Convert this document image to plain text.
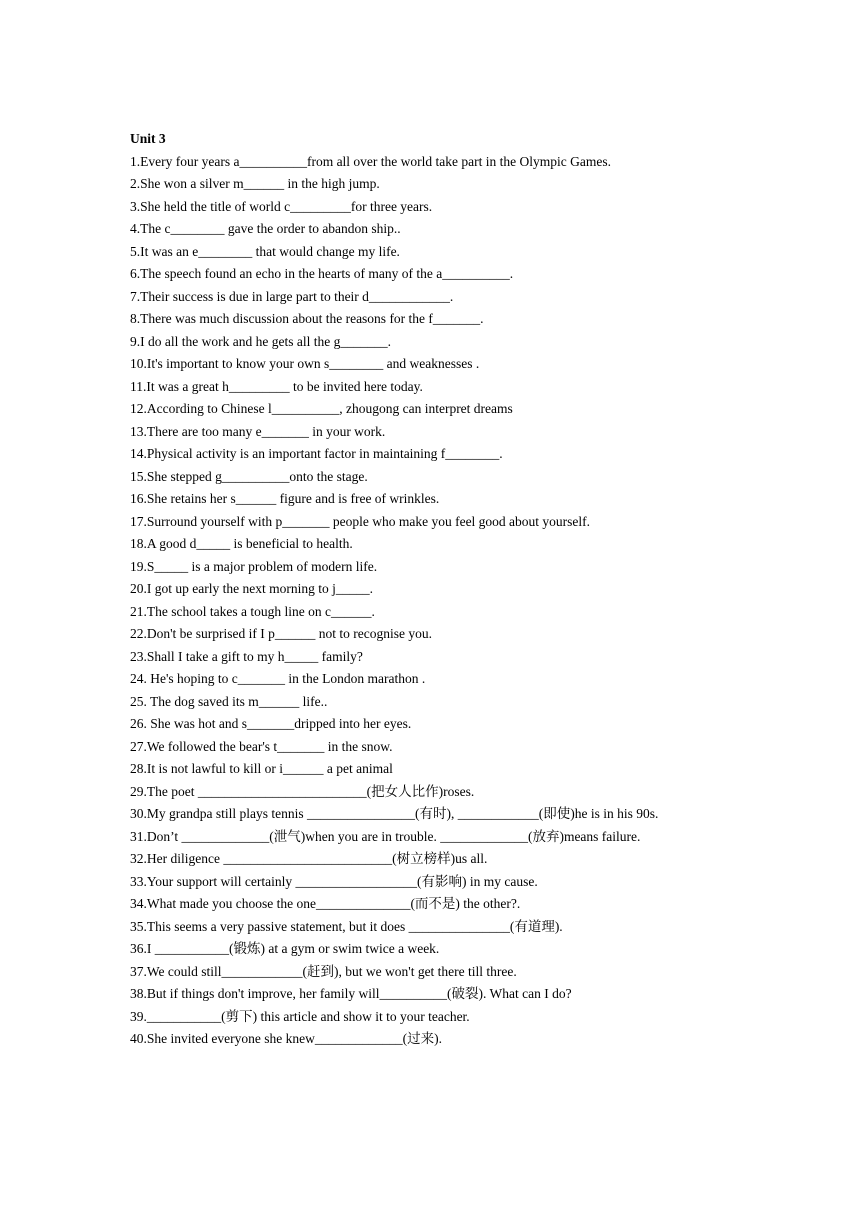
Unit 3
1.Every four years a__________from all over the world take part in the Olympic Games.
2.She won a silver m______ in the high jump.
3.She held the title of world c_________for three years.
4.The c________ gave the order to abandon ship..
5.It was an e________ that would change my life.
6.The speech found an echo in the hearts of many of the a__________.
7.Their success is due in large part to their d____________.
8.There was much discussion about the reasons for the f_______.
9.I do all the work and he gets all the g_______.
10.It's important to know your own s________ and weaknesses .
11.It was a great h_________ to be invited here today.
12.According to Chinese l__________, zhougong can interpret dreams
13.There are too many e_______ in your work.
14.Physical activity is an important factor in maintaining f________.
15.She stepped g__________onto the stage.
16.She retains her s______ figure and is free of wrinkles.
17.Surround yourself with p_______ people who make you feel good about yourself.
18.A good d_____ is beneficial to health.
19.S_____ is a major problem of modern life.
20.I got up early the next morning to j_____.
21.The school takes a tough line on c______.
22.Don't be surprised if I p______ not to recognise you.
23.Shall I take a gift to my h_____ family?
24. He's hoping to c_______ in the London marathon .
25. The dog saved its m______ life..
26. She was hot and s_______dripped into her eyes.
27.We followed the bear's t_______ in the snow.
28.It is not lawful to kill or i______ a pet animal
29.The poet _________________________(把女人比作)roses.
30.My grandpa still plays tennis ________________(有时), ____________(即使)he is in his 90s.
31.Don’t _____________(泄气)when you are in trouble. _____________(放弃)means failure.
32.Her diligence _________________________(树立榜样)us all.
33.Your support will certainly __________________(有影响) in my cause.
34.What made you choose the one______________(而不是) the other?.
35.This seems a very passive statement, but it does _______________(有道理).
36.I ___________(锻炼) at a gym or swim twice a week.
37.We could still____________(赶到), but we won't get there till three.
38.But if things don't improve, her family will__________(破裂). What can I do?
39.___________(剪下) this article and show it to your teacher.
40.She invited everyone she knew_____________(过来).
